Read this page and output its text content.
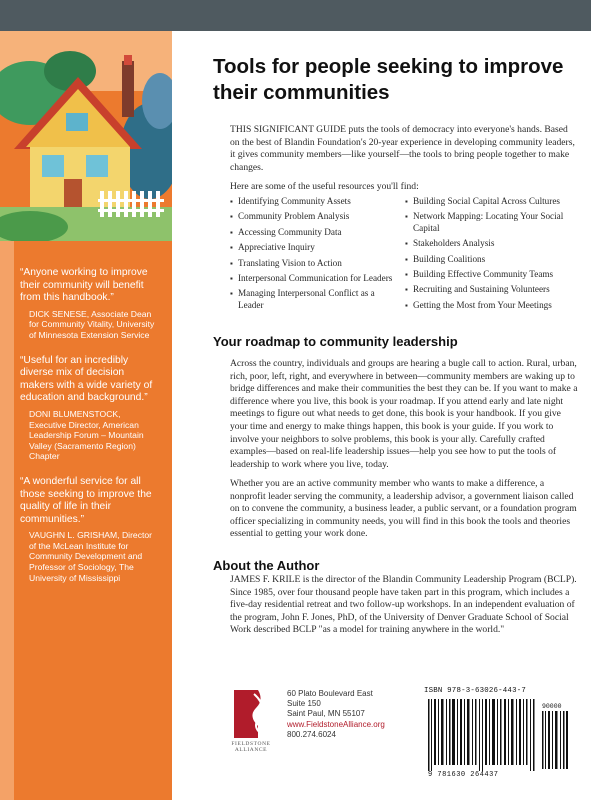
“Anyone working to improve their community will benefit from this handbook.”
DICK SENESE, Associate Dean for Community Vitality, University of Minnesota Extension Service
“Useful for an incredibly diverse mix of decision makers with a wide variety of education and background.”
DONI BLUMENSTOCK, Executive Director, American Leadership Forum – Mountain Valley (Sacramento Region) Chapter
“A wonderful service for all those seeking to improve the quality of life in their communities.”
VAUGHN L. GRISHAM, Director of the McLean Institute for Community Development and Professor of Sociology, The University of Mississippi
Tools for people seeking to improve their communities

THIS SIGNIFICANT GUIDE puts the tools of democracy into everyone's hands. Based on the best of Blandin Foundation's 20-year experience in developing community leaders, it gives community members—like yourself—the tools to bring people together to make changes.

Here are some of the useful resources you'll find:
▪ Identifying Community Assets
▪ Community Problem Analysis
▪ Accessing Community Data
▪ Appreciative Inquiry
▪ Translating Vision to Action
▪ Interpersonal Communication for Leaders
▪ Managing Interpersonal Conflict as a Leader
▪ Building Social Capital Across Cultures
▪ Network Mapping: Locating Your Social Capital
▪ Stakeholders Analysis
▪ Building Coalitions
▪ Building Effective Community Teams
▪ Recruiting and Sustaining Volunteers
▪ Getting the Most from Your Meetings
Your roadmap to community leadership

Across the country, individuals and groups are hearing a bugle call to action. Rural, urban, rich, poor, left, right, and everywhere in between—community members are waking up to bridge differences and make their communities the best they can be. If you want to make a difference where you live, this book is your roadmap. If you attend early and late night meetings to figure out what needs to get done, this book is your handbook. If you give your time and energy to make things happen, this book is your guide. If you work to involve your neighbors to solve problems, this book is your ally. Carefully crafted examples—based on real-life leadership issues—help you see how to put the tools of leadership to work where you live, today.

Whether you are an active community member who wants to make a difference, a nonprofit leader serving the community, a leadership advisor, a government liaison called on to convene the community, a business leader, a public servant, or a foundation program officer specializing in community needs, you will find in this book the tools and theories essential to getting your work done.

About the Author

JAMES F. KRILE is the director of the Blandin Community Leadership Program (BCLP). Since 1985, over four thousand people have taken part in this program, which includes a five-day residential retreat and two follow-up workshops. In an independent evaluation of the program, John F. Jones, PhD, of the University of Denver Graduate School of Social Work described BCLP "as a model for training anywhere in the world."

FIELDSTONE ALLIANCE
60 Plato Boulevard East
Suite 150
Saint Paul, MN 55107
www.FieldstoneAlliance.org
800.274.6024
ISBN 978-3-63026-443-7
90000
9 781630 264437
